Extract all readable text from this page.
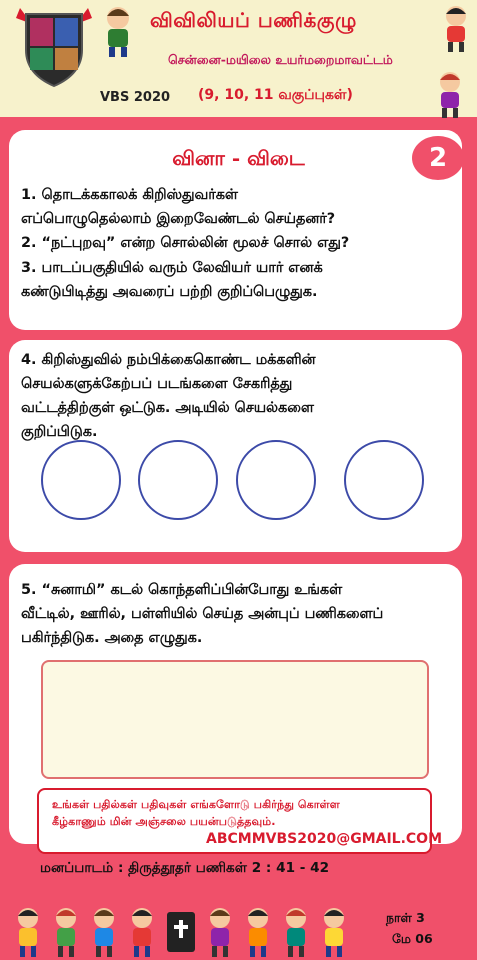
விவிலியப் பணிக்குழு
சென்னை-மயிலை உயர்மறைமாவட்டம்
VBS 2020 (9, 10, 11 வகுப்புகள்)
2
வினா - விடை
1. தொடக்ககாலக் கிறிஸ்துவர்கள்
எப்பொழுதெல்லாம் இறைவேண்டல் செய்தனர்?
2. “நட்புறவு” என்ற சொல்லின் மூலச் சொல் எது?
3. பாடப்பகுதியில் வரும் லேவியர் யார் எனக்
கண்டுபிடித்து அவரைப் பற்றி குறிப்பெழுதுக.
4. கிறிஸ்துவில் நம்பிக்கைகொண்ட மக்களின்
செயல்களுக்கேற்பப் படங்களை சேகரித்து
வட்டத்திற்குள் ஒட்டுக. அடியில் செயல்களை
குறிப்பிடுக.
5. “சுனாமி” கடல் கொந்தளிப்பின்போது உங்கள்
வீட்டில், ஊரில், பள்ளியில் செய்த அன்புப் பணிகளைப்
பகிர்ந்திடுக. அதை எழுதுக.
உங்கள் பதில்கள் பதிவுகள் எங்களோடு பகிர்ந்து கொள்ள
கீழ்காணும் மின் அஞ்சலை பயன்படுத்தவும்.
ABCMMVBS2020@GMAIL.COM
மனப்பாடம் : திருத்தூதர் பணிகள் 2 : 41 - 42
நாள் 3
மே 06
